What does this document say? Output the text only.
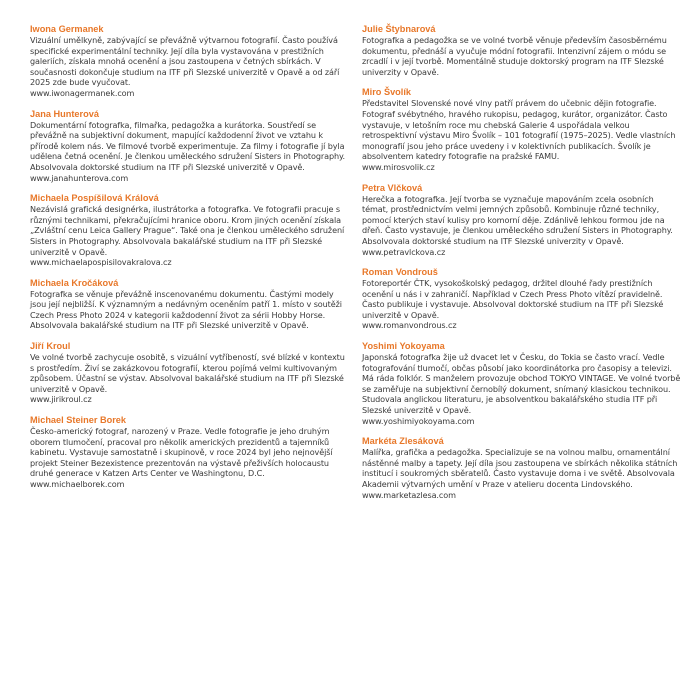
Iwona Germanek

Vizuální umělkyně, zabývající se převážně výtvarnou fotografií. Často používá specifické experimentální techniky. Její díla byla vystavována v prestižních galeriích, získala mnohá ocenění a jsou zastoupena v četných sbírkách. V současnosti dokončuje studium na ITF při Slezské univerzitě v Opavě a od září 2025 zde bude vyučovat.

www.iwonagermanek.com
Jana Hunterová

Dokumentární fotografka, filmařka, pedagožka a kurátorka. Soustředí se převážně na subjektivní dokument, mapující každodenní život ve vztahu k přírodě kolem nás. Ve filmové tvorbě experimentuje. Za filmy i fotografie jí byla udělena četná ocenění. Je členkou uměleckého sdružení Sisters in Photography. Absolvovala doktorské studium na ITF při Slezské univerzitě v Opavě.

www.janahunterova.com
Michaela Pospíšilová Králová

Nezávislá grafická designérka, ilustrátorka a fotografka. Ve fotografii pracuje s různými technikami, překračujícími hranice oboru. Krom jiných ocenění získala „Zvláštní cenu Leica Gallery Prague“. Také ona je členkou uměleckého sdružení Sisters in Photography. Absolvovala bakalářské studium na ITF při Slezské univerzitě v Opavě.

www.michaelapospisilovakralova.cz
Michaela Kročáková

Fotografka se věnuje převážně inscenovanému dokumentu. Častými modely jsou její nejbližší. K významným a nedávným oceněním patří 1. místo v soutěži Czech Press Photo 2024 v kategorii každodenní život za sérii Hobby Horse. Absolvovala bakalářské studium na ITF při Slezské univerzitě v Opavě.

Jiří Kroul

Ve volné tvorbě zachycuje osobitě, s vizuální vytříbeností, své blízké v kontextu s prostředím. Živí se zakázkovou fotografií, kterou pojímá velmi kultivovaným způsobem. Účastní se výstav. Absolvoval bakalářské studium na ITF při Slezské univerzitě v Opavě.

www.jirikroul.cz
Michael Steiner Borek

Česko-americký fotograf, narozený v Praze. Vedle fotografie je jeho druhým oborem tlumočení, pracoval pro několik amerických prezidentů a tajemníků kabinetu. Vystavuje samostatně i skupinově, v roce 2024 byl jeho nejnovější projekt Steiner Bezexistence prezentován na výstavě přeživších holocaustu druhé generace v Katzen Arts Center ve Washingtonu, D.C.

www.michaelborek.com
Julie Štybnarová

Fotografka a pedagožka se ve volné tvorbě věnuje především časosběrnému dokumentu, přednáší a vyučuje módní fotografii. Intenzivní zájem o módu se zrcadlí i v její tvorbě. Momentálně studuje doktorský program na ITF Slezské univerzity v Opavě.

Miro Švolík

Představitel Slovenské nové vlny patří právem do učebnic dějin fotografie. Fotograf svébytného, hravého rukopisu, pedagog, kurátor, organizátor. Často vystavuje, v letošním roce mu chebská Galerie 4 uspořádala velkou retrospektivní výstavu Miro Švolík – 101 fotografií (1975–2025). Vedle vlastních monografií jsou jeho práce uvedeny i v kolektivních publikacích. Švolík je absolventem katedry fotografie na pražské FAMU.

www.mirosvolik.cz
Petra Vlčková

Herečka a fotografka. Její tvorba se vyznačuje mapováním zcela osobních témat, prostřednictvím velmi jemných způsobů. Kombinuje různé techniky, pomocí kterých staví kulisy pro komorní děje. Zdánlivě lehkou formou jde na dřeň. Často vystavuje, je členkou uměleckého sdružení Sisters in Photography. Absolvovala doktorské studium na ITF Slezské univerzity v Opavě.

www.petravlckova.cz
Roman Vondrouš

Fotoreportér ČTK, vysokoškolský pedagog, držitel dlouhé řady prestižních ocenění u nás i v zahraničí. Například v Czech Press Photo vítězí pravidelně. Často publikuje i vystavuje. Absolvoval doktorské studium na ITF při Slezské univerzitě v Opavě.

www.romanvondrous.cz
Yoshimi Yokoyama

Japonská fotografka žije už dvacet let v Česku, do Tokia se často vrací. Vedle fotografování tlumočí, občas působí jako koordinátorka pro časopisy a televizi. Má ráda folklór. S manželem provozuje obchod TOKYO VINTAGE. Ve volné tvorbě se zaměřuje na subjektivní černobílý dokument, snímaný klasickou technikou. Studovala anglickou literaturu, je absolventkou bakalářského studia ITF při Slezské univerzitě v Opavě.

www.yoshimiyokoyama.com
Markéta Zlesáková

Malířka, grafička a pedagožka. Specializuje se na volnou malbu, ornamentální nástěnné malby a tapety. Její díla jsou zastoupena ve sbírkách několika státních institucí i soukromých sběratelů. Často vystavuje doma i ve světě. Absolvovala Akademii výtvarných umění v Praze v atelieru docenta Lindovského.

www.marketazlesa.com
